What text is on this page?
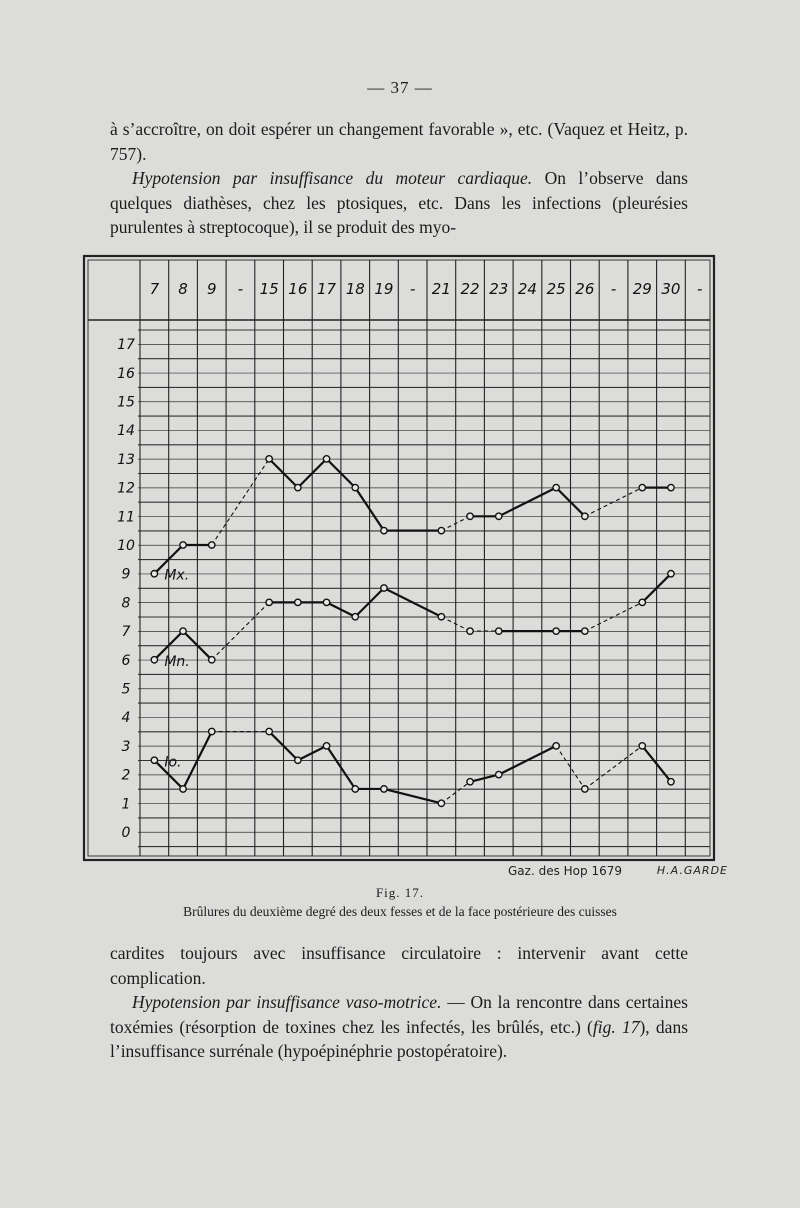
— 37 —

à s’accroître, on doit espérer un changement favorable », etc. (Vaquez et Heitz, p. 757).
Hypotension par insuffisance du moteur cardiaque. On l’observe dans quelques diathèses, chez les ptosiques, etc. Dans les infections (pleurésies purulentes à streptocoque), il se produit des myo-

7 8 9 - 15 16 17 18 19 - 21 22 23 24 25 26 - 29 30 -
17
16
15
14
13
12
11
10
9
8
7
6
5
4
3
2
1
0
Mx.
Mn.
Io.
Gaz. des Hop 1679	H.A.GARDE
Fig. 17.
Brûlures du deuxième degré des deux fesses et de la face postérieure des cuisses

cardites toujours avec insuffisance circulatoire : intervenir avant cette complication.
Hypotension par insuffisance vaso-motrice. — On la rencontre dans certaines toxémies (résorption de toxines chez les infectés, les brûlés, etc.) (fig. 17), dans l’insuffisance surrénale (hypoépinéphrie postopératoire).
